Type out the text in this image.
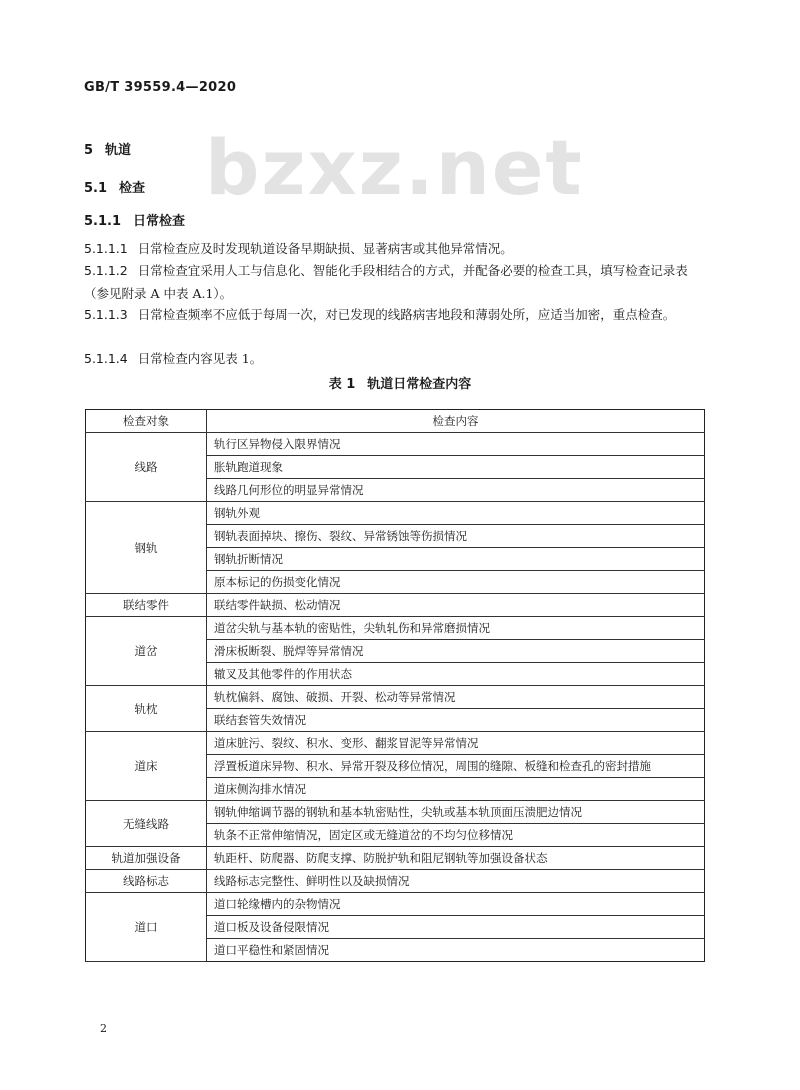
GB/T 39559.4—2020
bzxz.net
5 轨道
5.1 检查
5.1.1 日常检查
5.1.1.1 日常检查应及时发现轨道设备早期缺损、显著病害或其他异常情况。
5.1.1.2 日常检查宜采用人工与信息化、智能化手段相结合的方式，并配备必要的检查工具，填写检查记录表（参见附录 A 中表 A.1）。
5.1.1.3 日常检查频率不应低于每周一次，对已发现的线路病害地段和薄弱处所，应适当加密，重点检查。
5.1.1.4 日常检查内容见表 1。
表 1 轨道日常检查内容
检查对象	检查内容
线路	轨行区异物侵入限界情况
	胀轨跑道现象
	线路几何形位的明显异常情况
钢轨	钢轨外观
	钢轨表面掉块、擦伤、裂纹、异常锈蚀等伤损情况
	钢轨折断情况
	原本标记的伤损变化情况
联结零件	联结零件缺损、松动情况
道岔	道岔尖轨与基本轨的密贴性，尖轨轧伤和异常磨损情况
	滑床板断裂、脱焊等异常情况
	辙叉及其他零件的作用状态
轨枕	轨枕偏斜、腐蚀、破损、开裂、松动等异常情况
	联结套管失效情况
道床	道床脏污、裂纹、积水、变形、翻浆冒泥等异常情况
	浮置板道床异物、积水、异常开裂及移位情况，周围的缝隙、板缝和检查孔的密封措施
	道床侧沟排水情况
无缝线路	钢轨伸缩调节器的钢轨和基本轨密贴性，尖轨或基本轨顶面压溃肥边情况
	轨条不正常伸缩情况，固定区或无缝道岔的不均匀位移情况
轨道加强设备	轨距杆、防爬器、防爬支撑、防脱护轨和阻尼钢轨等加强设备状态
线路标志	线路标志完整性、鲜明性以及缺损情况
道口	道口轮缘槽内的杂物情况
	道口板及设备侵限情况
	道口平稳性和紧固情况
2
